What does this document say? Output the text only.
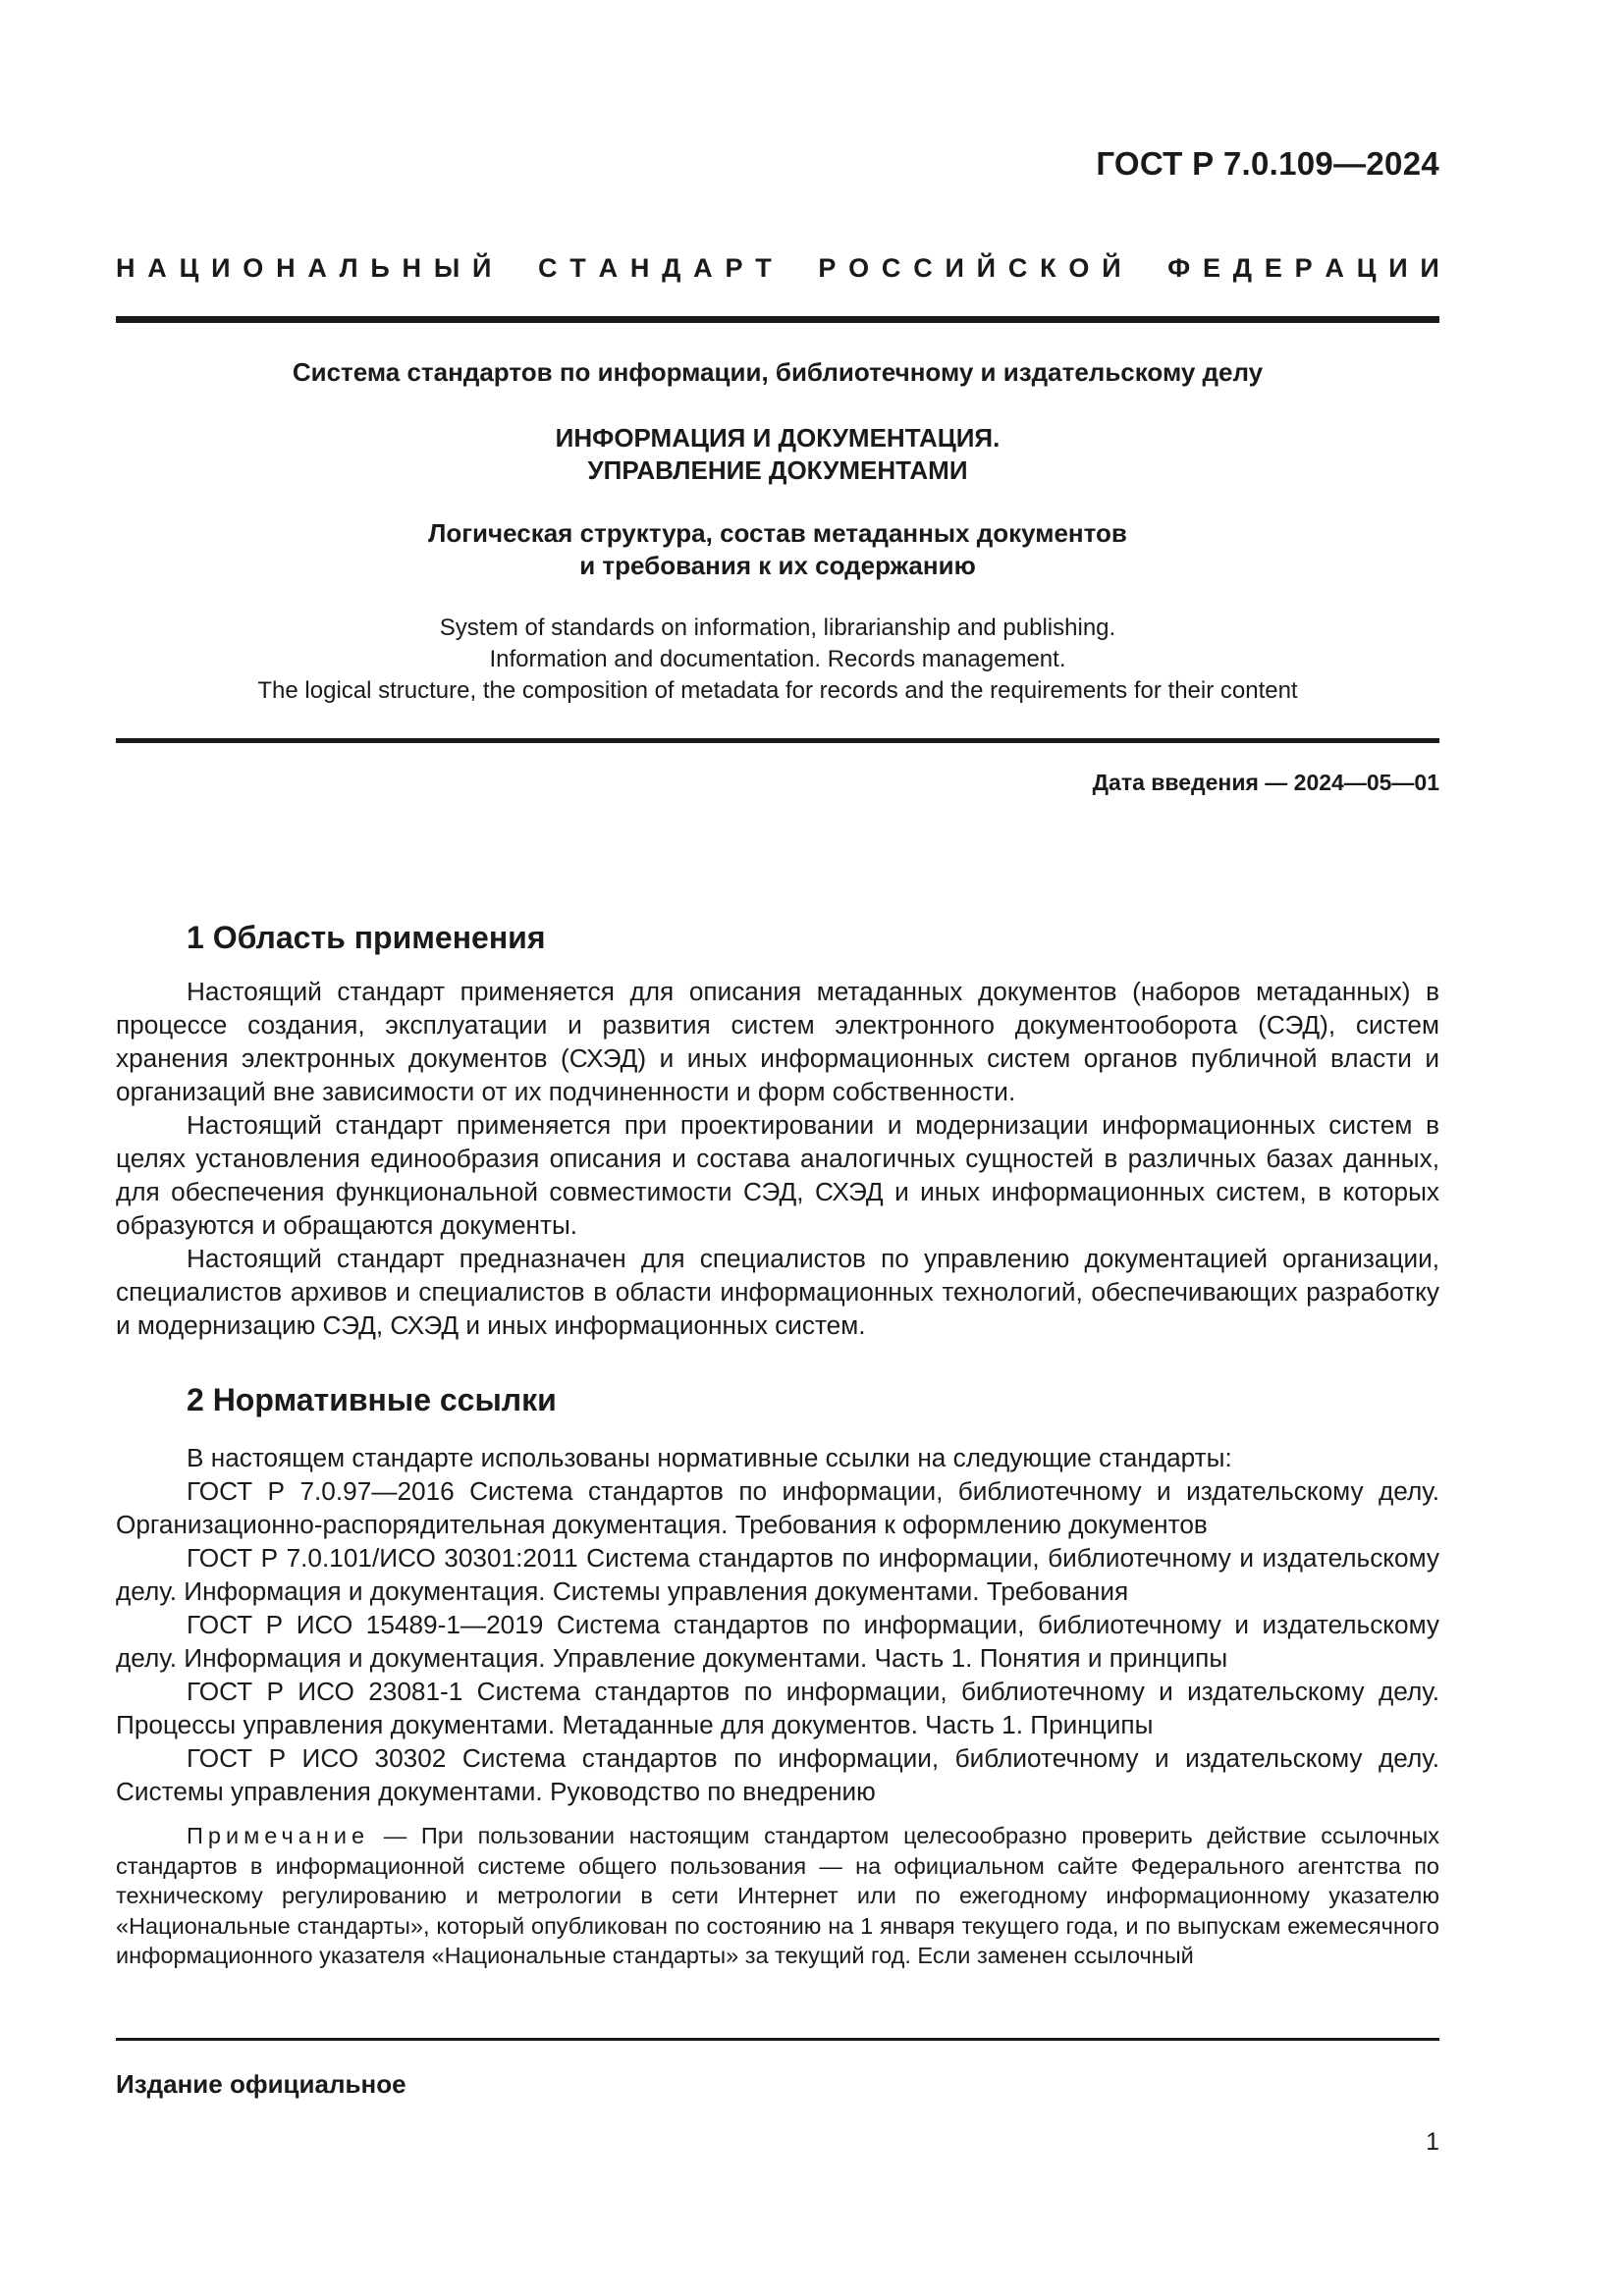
ГОСТ Р 7.0.109—2024
Н А Ц И О Н А Л Ь Н Ы Й С Т А Н Д А Р Т Р О С С И Й С К О Й Ф Е Д Е Р А Ц И И
Система стандартов по информации, библиотечному и издательскому делу
ИНФОРМАЦИЯ И ДОКУМЕНТАЦИЯ.
УПРАВЛЕНИЕ ДОКУМЕНТАМИ
Логическая структура, состав метаданных документов
и требования к их содержанию
System of standards on information, librarianship and publishing.
Information and documentation. Records management.
The logical structure, the composition of metadata for records and the requirements for their content
Дата введения — 2024—05—01
1 Область применения

Настоящий стандарт применяется для описания метаданных документов (наборов метаданных) в процессе создания, эксплуатации и развития систем электронного документооборота (СЭД), систем хранения электронных документов (СХЭД) и иных информационных систем органов публичной власти и организаций вне зависимости от их подчиненности и форм собственности.

Настоящий стандарт применяется при проектировании и модернизации информационных систем в целях установления единообразия описания и состава аналогичных сущностей в различных базах данных, для обеспечения функциональной совместимости СЭД, СХЭД и иных информационных систем, в которых образуются и обращаются документы.

Настоящий стандарт предназначен для специалистов по управлению документацией организации, специалистов архивов и специалистов в области информационных технологий, обеспечивающих разработку и модернизацию СЭД, СХЭД и иных информационных систем.

2 Нормативные ссылки

В настоящем стандарте использованы нормативные ссылки на следующие стандарты:

ГОСТ Р 7.0.97—2016 Система стандартов по информации, библиотечному и издательскому делу. Организационно-распорядительная документация. Требования к оформлению документов

ГОСТ Р 7.0.101/ИСО 30301:2011 Система стандартов по информации, библиотечному и издательскому делу. Информация и документация. Системы управления документами. Требования

ГОСТ Р ИСО 15489-1—2019 Система стандартов по информации, библиотечному и издательскому делу. Информация и документация. Управление документами. Часть 1. Понятия и принципы

ГОСТ Р ИСО 23081-1 Система стандартов по информации, библиотечному и издательскому делу. Процессы управления документами. Метаданные для документов. Часть 1. Принципы

ГОСТ Р ИСО 30302 Система стандартов по информации, библиотечному и издательскому делу. Системы управления документами. Руководство по внедрению

Примечание — При пользовании настоящим стандартом целесообразно проверить действие ссылочных стандартов в информационной системе общего пользования — на официальном сайте Федерального агентства по техническому регулированию и метрологии в сети Интернет или по ежегодному информационному указателю «Национальные стандарты», который опубликован по состоянию на 1 января текущего года, и по выпускам ежемесячного информационного указателя «Национальные стандарты» за текущий год. Если заменен ссылочный

Издание официальное
1
